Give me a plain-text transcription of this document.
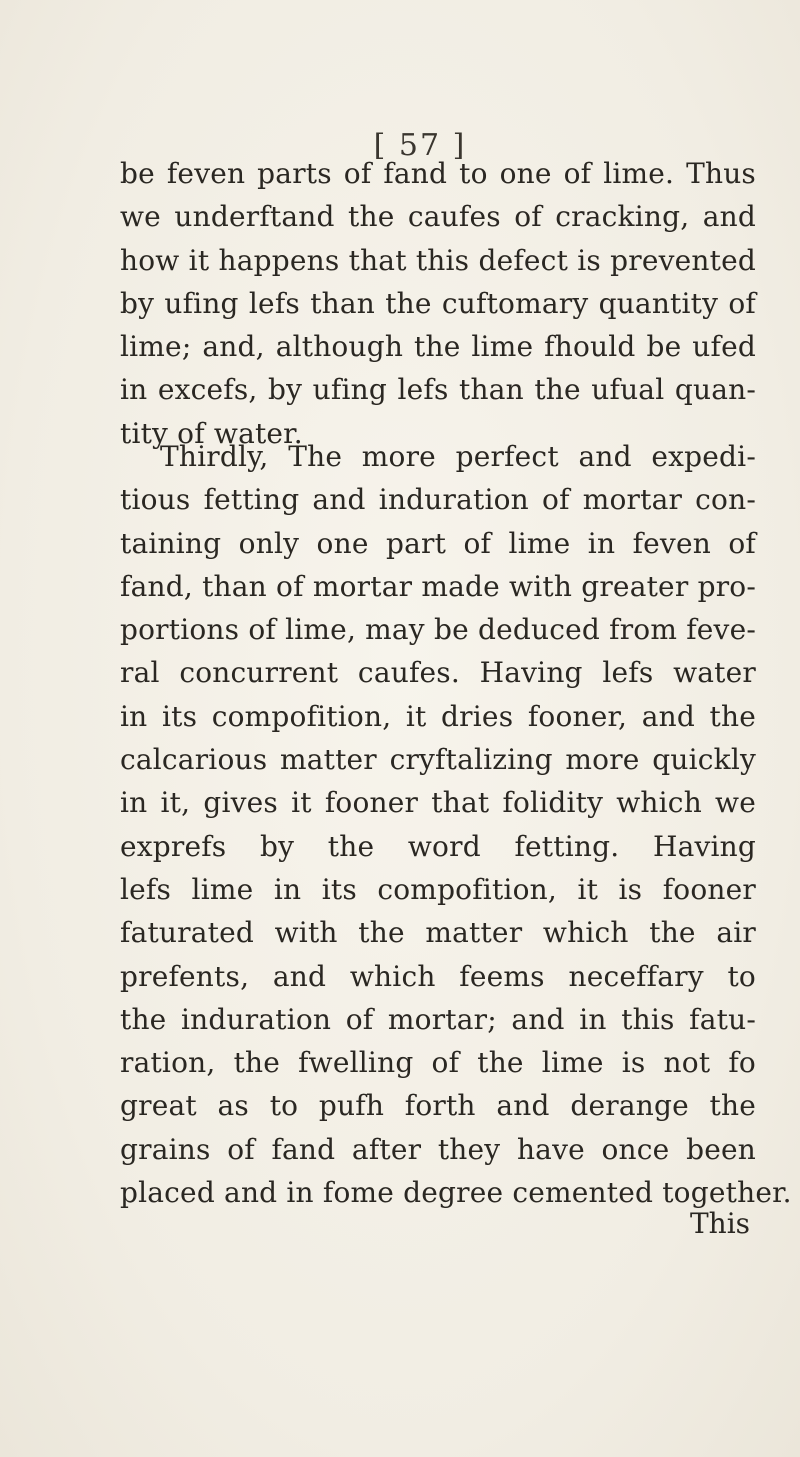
[ 57 ]
be feven parts of fand to one of lime. Thus
we underftand the caufes of cracking, and
how it happens that this defect is prevented
by ufing lefs than the cuftomary quantity of
lime; and, although the lime fhould be ufed
in excefs, by ufing lefs than the ufual quan-
tity of water.
Thirdly, The more perfect and expedi-
tious fetting and induration of mortar con-
taining only one part of lime in feven of
fand, than of mortar made with greater pro-
portions of lime, may be deduced from feve-
ral concurrent caufes. Having lefs water
in its compofition, it dries fooner, and the
calcarious matter cryftalizing more quickly
in it, gives it fooner that folidity which we
exprefs by the word fetting. Having
lefs lime in its compofition, it is fooner
faturated with the matter which the air
prefents, and which feems neceffary to
the induration of mortar; and in this fatu-
ration, the fwelling of the lime is not fo
great as to pufh forth and derange the
grains of fand after they have once been
placed and in fome degree cemented together.
This
